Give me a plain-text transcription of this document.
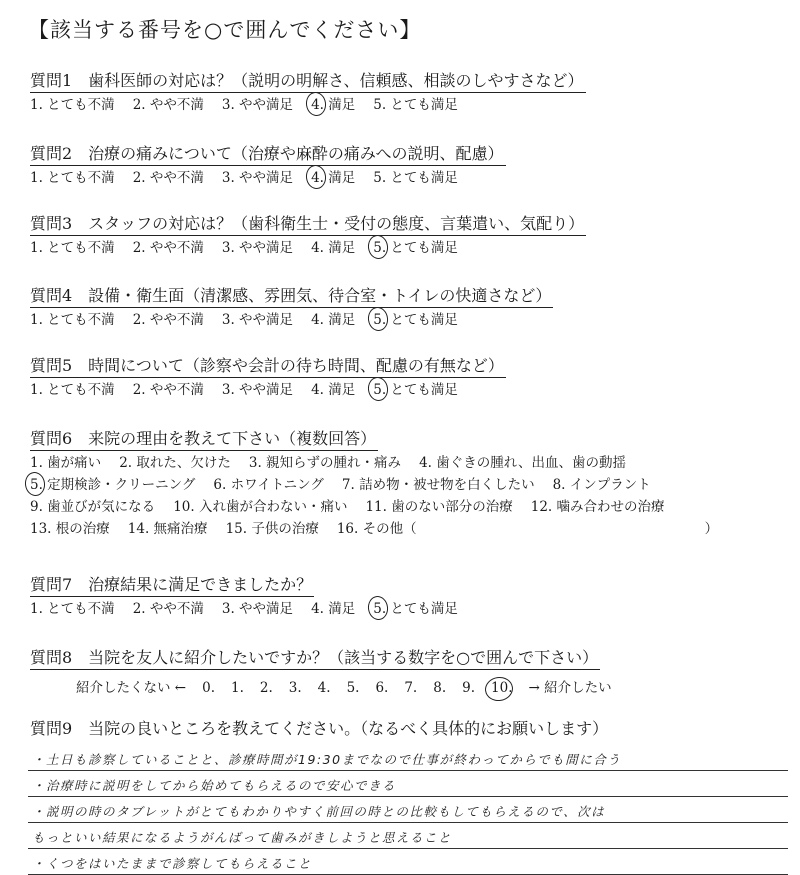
【該当する番号を○で囲んでください】
質問1　歯科医師の対応は？（説明の明解さ、信頼感、相談のしやすさなど）
1. とても不満 2. やや不満 3. やや満足 4. 満足 5. とても満足
質問2　治療の痛みについて（治療や麻酔の痛みへの説明、配慮）
1. とても不満 2. やや不満 3. やや満足 4. 満足 5. とても満足
質問3　スタッフの対応は？（歯科衛生士・受付の態度、言葉遣い、気配り）
1. とても不満 2. やや不満 3. やや満足 4. 満足 5. とても満足
質問4　設備・衛生面（清潔感、雰囲気、待合室・トイレの快適さなど）
1. とても不満 2. やや不満 3. やや満足 4. 満足 5. とても満足
質問5　時間について（診察や会計の待ち時間、配慮の有無など）
1. とても不満 2. やや不満 3. やや満足 4. 満足 5. とても満足
質問6　来院の理由を教えて下さい（複数回答）
1. 歯が痛い 2. 取れた、欠けた 3. 親知らずの腫れ・痛み 4. 歯ぐきの腫れ、出血、歯の動揺
5. 定期検診・クリーニング 6. ホワイトニング 7. 詰め物・被せ物を白くしたい 8. インプラント
9. 歯並びが気になる 10. 入れ歯が合わない・痛い 11. 歯のない部分の治療 12. 噛み合わせの治療
13. 根の治療 14. 無痛治療 15. 子供の治療 16. その他（	）
質問7　治療結果に満足できましたか？
1. とても不満 2. やや不満 3. やや満足 4. 満足 5. とても満足
質問8　当院を友人に紹介したいですか？（該当する数字を○で囲んで下さい）
紹介したくない ← 0. 1. 2. 3. 4. 5. 6. 7. 8. 9. 10. → 紹介したい
質問9　当院の良いところを教えてください。（なるべく具体的にお願いします）
・土日も診察していることと、診療時間が19:30までなので仕事が終わってからでも間に合う
・治療時に説明をしてから始めてもらえるので安心できる
・説明の時のタブレットがとてもわかりやすく前回の時との比較もしてもらえるので、次は
もっといい結果になるようがんばって歯みがきしようと思えること
・くつをはいたままで診察してもらえること
